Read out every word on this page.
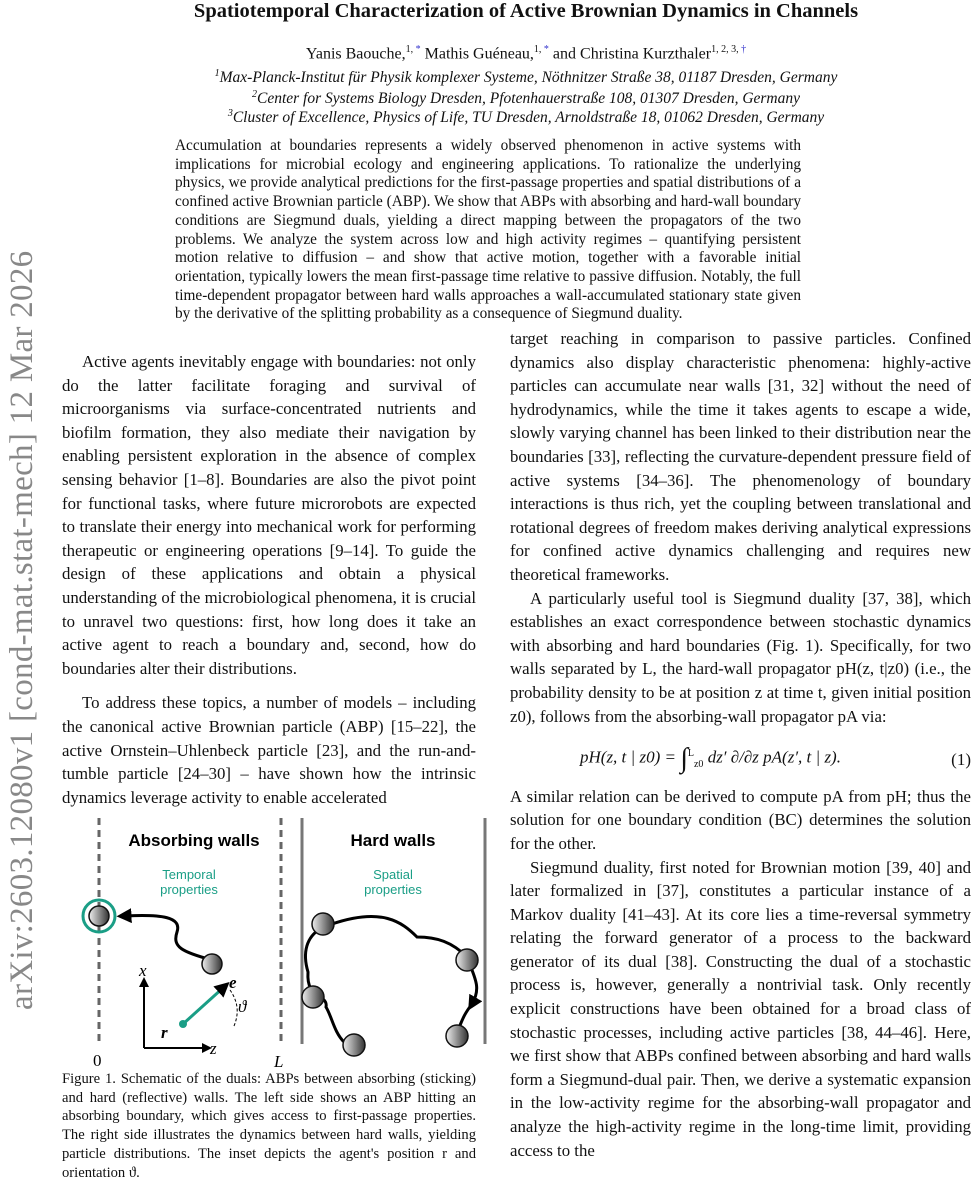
arXiv:2603.12080v1 [cond-mat.stat-mech] 12 Mar 2026
Spatiotemporal Characterization of Active Brownian Dynamics in Channels
Yanis Baouche,$^{1,}$ * Mathis Guéneau,$^{1,}$ * and Christina Kurzthaler$^{1, 2, 3,}$ †
$^1$Max-Planck-Institut für Physik komplexer Systeme, Nöthnitzer Straße 38, 01187 Dresden, Germany
$^2$Center for Systems Biology Dresden, Pfotenhauerstraße 108, 01307 Dresden, Germany
$^3$Cluster of Excellence, Physics of Life, TU Dresden, Arnoldstraße 18, 01062 Dresden, Germany

Accumulation at boundaries represents a widely observed phenomenon in active systems with implications for microbial ecology and engineering applications. To rationalize the underlying physics, we provide analytical predictions for the first-passage properties and spatial distributions of a confined active Brownian particle (ABP). We show that ABPs with absorbing and hard-wall boundary conditions are Siegmund duals, yielding a direct mapping between the propagators of the two problems. We analyze the system across low and high activity regimes – quantifying persistent motion relative to diffusion – and show that active motion, together with a favorable initial orientation, typically lowers the mean first-passage time relative to passive diffusion. Notably, the full time-dependent propagator between hard walls approaches a wall-accumulated stationary state given by the derivative of the splitting probability as a consequence of Siegmund duality.

Active agents inevitably engage with boundaries: not only do the latter facilitate foraging and survival of microorganisms via surface-concentrated nutrients and biofilm formation, they also mediate their navigation by enabling persistent exploration in the absence of complex sensing behavior [1–8]. Boundaries are also the pivot point for functional tasks, where future microrobots are expected to translate their energy into mechanical work for performing therapeutic or engineering operations [9–14]. To guide the design of these applications and obtain a physical understanding of the microbiological phenomena, it is crucial to unravel two questions: first, how long does it take an active agent to reach a boundary and, second, how do boundaries alter their distributions.

To address these topics, a number of models – including the canonical active Brownian particle (ABP) [15–22], the active Ornstein–Uhlenbeck particle [23], and the run-and-tumble particle [24–30] – have shown how the intrinsic dynamics leverage activity to enable accelerated

Absorbing walls	Hard walls
Temporal
properties
Spatial
properties
x
z
e
r
ϑ
L
0

Figure 1. Schematic of the duals: ABPs between absorbing (sticking) and hard (reflective) walls. The left side shows an ABP hitting an absorbing boundary, which gives access to first-passage properties. The right side illustrates the dynamics between hard walls, yielding particle distributions. The inset depicts the agent's position r and orientation ϑ.

target reaching in comparison to passive particles. Confined dynamics also display characteristic phenomena: highly-active particles can accumulate near walls [31, 32] without the need of hydrodynamics, while the time it takes agents to escape a wide, slowly varying channel has been linked to their distribution near the boundaries [33], reflecting the curvature-dependent pressure field of active systems [34–36]. The phenomenology of boundary interactions is thus rich, yet the coupling between translational and rotational degrees of freedom makes deriving analytical expressions for confined active dynamics challenging and requires new theoretical frameworks.

A particularly useful tool is Siegmund duality [37, 38], which establishes an exact correspondence between stochastic dynamics with absorbing and hard boundaries (Fig. 1). Specifically, for two walls separated by L, the hard-wall propagator pH(z, t|z0) (i.e., the probability density to be at position z at time t, given initial position z0), follows from the absorbing-wall propagator pA via:

pH(z, t | z0) = ∫$^L_{z0}$ dz′ ∂/∂z pA(z′, t | z).	(1)

A similar relation can be derived to compute pA from pH; thus the solution for one boundary condition (BC) determines the solution for the other.

Siegmund duality, first noted for Brownian motion [39, 40] and later formalized in [37], constitutes a particular instance of a Markov duality [41–43]. At its core lies a time-reversal symmetry relating the forward generator of a process to the backward generator of its dual [38]. Constructing the dual of a stochastic process is, however, generally a nontrivial task. Only recently explicit constructions have been obtained for a broad class of stochastic processes, including active particles [38, 44–46]. Here, we first show that ABPs confined between absorbing and hard walls form a Siegmund-dual pair. Then, we derive a systematic expansion in the low-activity regime for the absorbing-wall propagator and analyze the high-activity regime in the long-time limit, providing access to the
